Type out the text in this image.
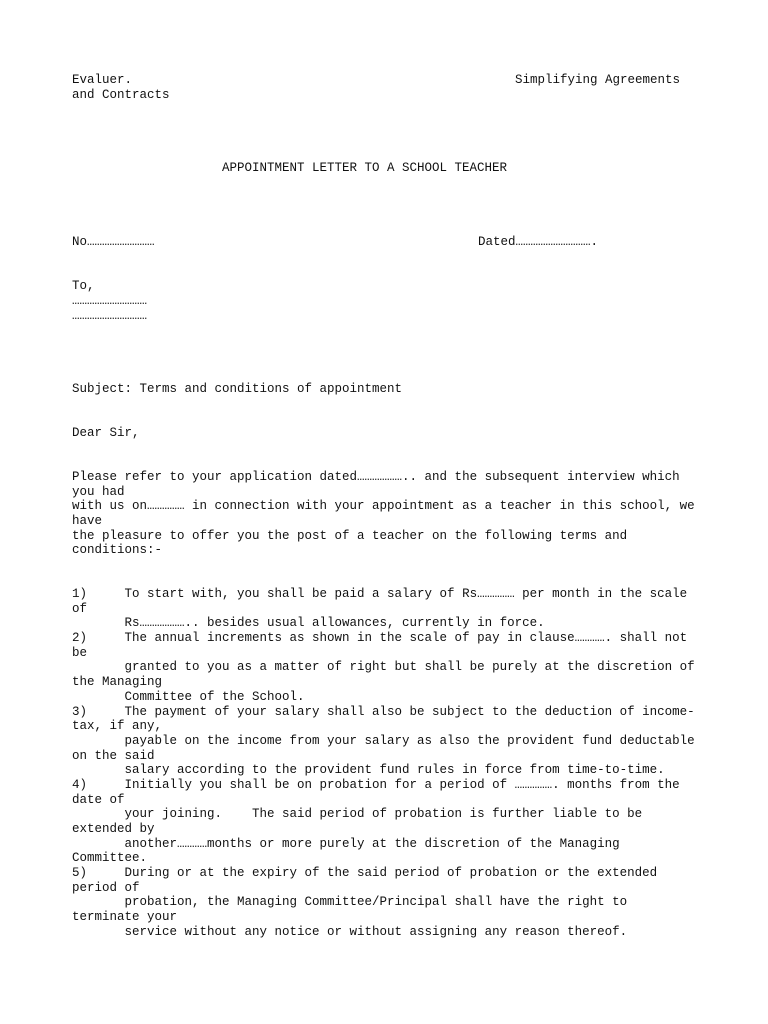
Evaluer.
and Contracts
Simplifying Agreements
APPOINTMENT LETTER TO A SCHOOL TEACHER
No………………………	Dated………………………….
To,
…………………………
…………………………
Subject: Terms and conditions of appointment
Dear Sir,
Please refer to your application dated……………….. and the subsequent interview which
you had
with us on…………… in connection with your appointment as a teacher in this school, we
have
the pleasure to offer you the post of a teacher on the following terms and
conditions:-
1)     To start with, you shall be paid a salary of Rs…………… per month in the scale
of
Rs……………….. besides usual allowances, currently in force.
2)     The annual increments as shown in the scale of pay in clause…………. shall not
be
granted to you as a matter of right but shall be purely at the discretion of
the Managing
Committee of the School.
3)     The payment of your salary shall also be subject to the deduction of income-
tax, if any,
payable on the income from your salary as also the provident fund deductable
on the said
salary according to the provident fund rules in force from time-to-time.
4)     Initially you shall be on probation for a period of ……………. months from the
date of
your joining.    The said period of probation is further liable to be
extended by
another…………months or more purely at the discretion of the Managing
Committee.
5)     During or at the expiry of the said period of probation or the extended
period of
probation, the Managing Committee/Principal shall have the right to
terminate your
service without any notice or without assigning any reason thereof.
